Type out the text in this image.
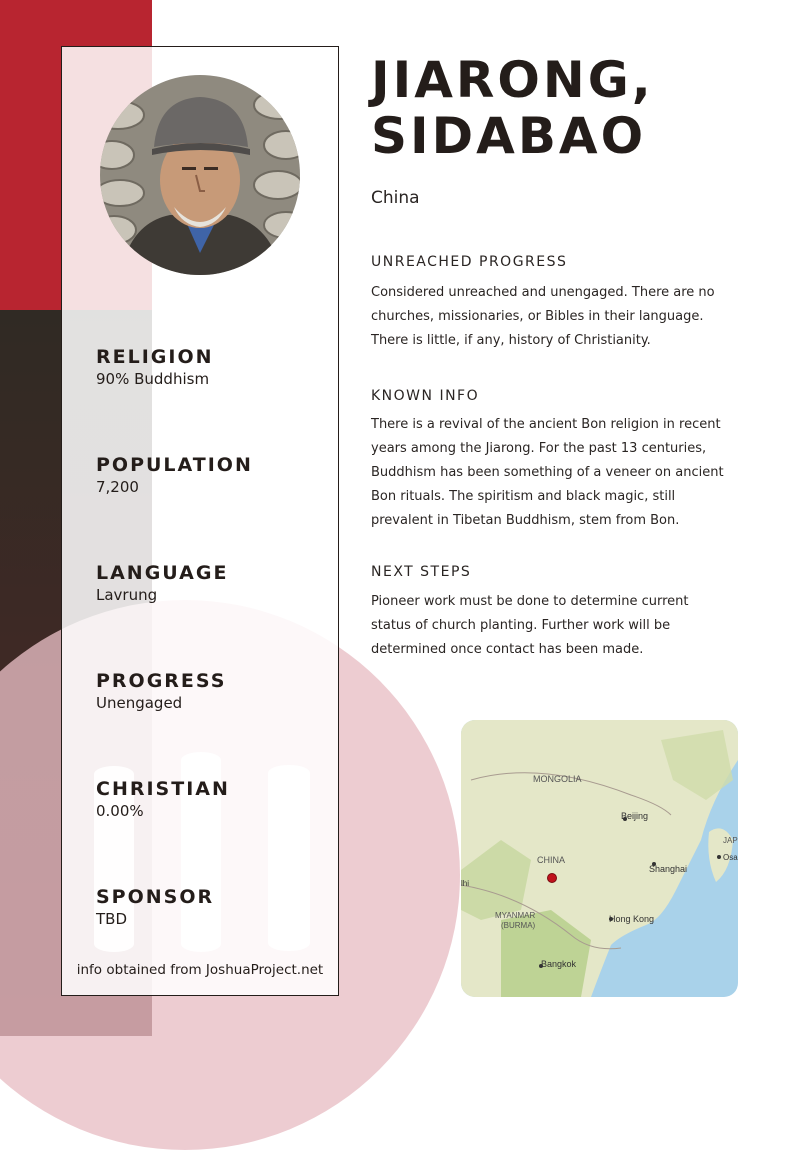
RELIGION
90% Buddhism
POPULATION
7,200
LANGUAGE
Lavrung
PROGRESS
Unengaged
CHRISTIAN
0.00%
SPONSOR
TBD
info obtained from JoshuaProject.net
JIARONG,
SIDABAO
China
UNREACHED PROGRESS
Considered unreached and unengaged. There are no
churches, missionaries, or Bibles in their language.
There is little, if any, history of Christianity.
KNOWN INFO
There is a revival of the ancient Bon religion in recent
years among the Jiarong. For the past 13 centuries,
Buddhism has been something of a veneer on ancient
Bon rituals. The spiritism and black magic, still
prevalent in Tibetan Buddhism, stem from Bon.
NEXT STEPS
Pioneer work must be done to determine current
status of church planting. Further work will be
determined once contact has been made.
MONGOLIA
Beijing
JAP
Osa
CHINA
Shanghai
lhi
MYANMAR
(BURMA)
Hong Kong
Bangkok
